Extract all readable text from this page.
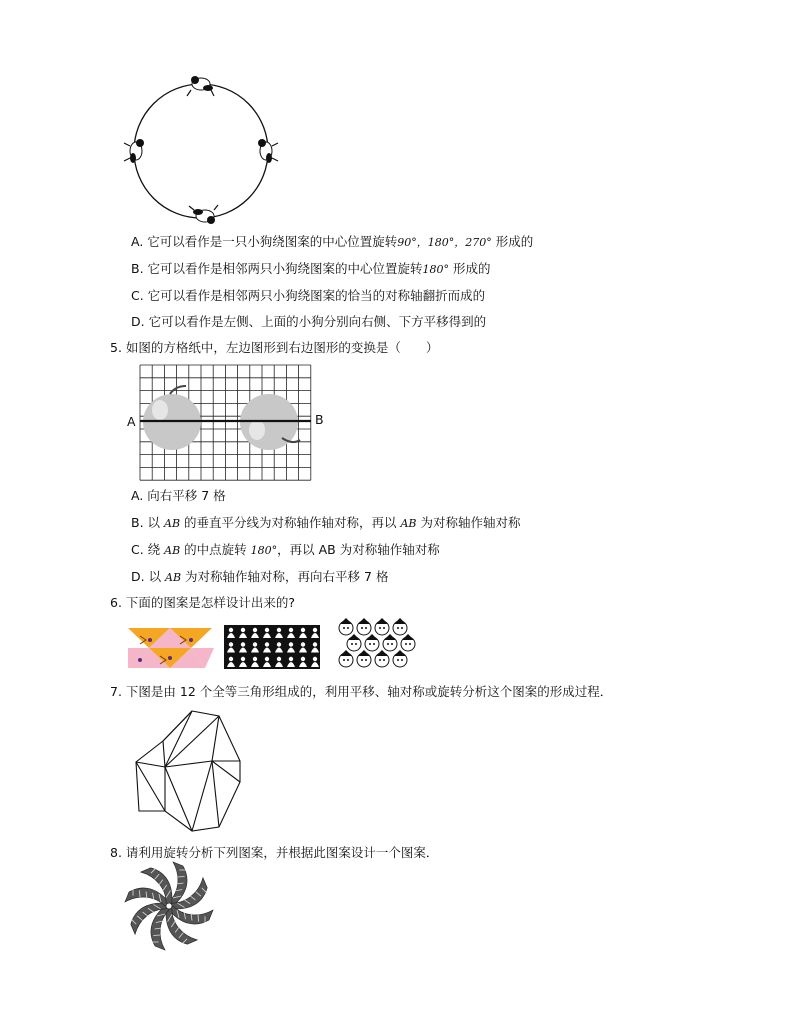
A. 它可以看作是一只小狗绕图案的中心位置旋转90°，180°，270° 形成的
B. 它可以看作是相邻两只小狗绕图案的中心位置旋转180° 形成的
C. 它可以看作是相邻两只小狗绕图案的恰当的对称轴翻折而成的
D. 它可以看作是左侧、上面的小狗分别向右侧、下方平移得到的
5. 如图的方格纸中，左边图形到右边图形的变换是（　　）
A	B
A. 向右平移 7 格
B. 以 AB 的垂直平分线为对称轴作轴对称，再以 AB 为对称轴作轴对称
C. 绕 AB 的中点旋转 180°，再以 AB 为对称轴作轴对称
D. 以 AB 为对称轴作轴对称，再向右平移 7 格
6. 下面的图案是怎样设计出来的?
7. 下图是由 12 个全等三角形组成的，利用平移、轴对称或旋转分析这个图案的形成过程．
8. 请利用旋转分析下列图案，并根据此图案设计一个图案．
